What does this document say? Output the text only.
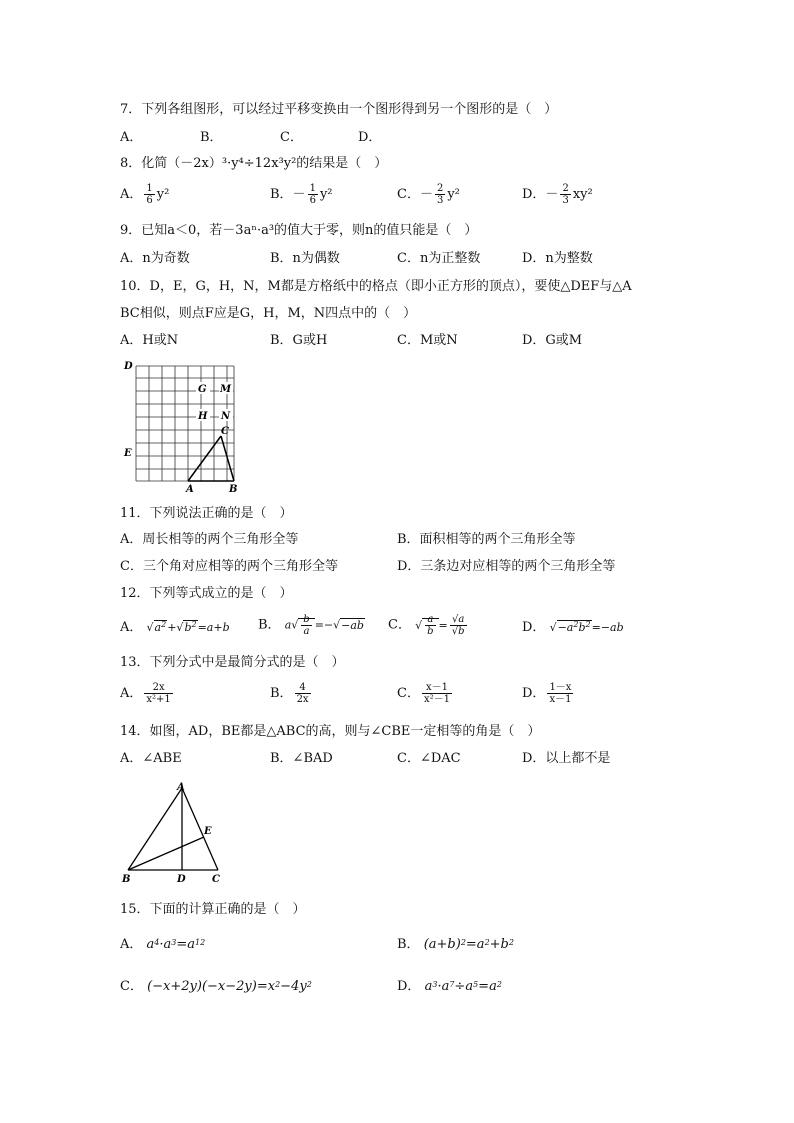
7．下列各组图形，可以经过平移变换由一个图形得到另一个图形的是（　）
A．	B．	C．	D．
8．化简（－2x）³·y⁴÷12x³y²的结果是（　）
A． $\frac{1}{6} y^2$	B．－ $\frac{1}{6} y^2$	C．－ $\frac{2}{3} y^2$	D．－ $\frac{2}{3} xy^2$
9．已知a＜0，若－3aⁿ·a³的值大于零，则n的值只能是（　）
A．n为奇数	B．n为偶数	C．n为正整数	D．n为整数
10．D，E，G，H，N，M都是方格纸中的格点（即小正方形的顶点），要使△DEF与△A
BC相似，则点F应是G，H，M，N四点中的（　）
A．H或N	B．G或H	C．M或N	D．G或M
D
G M
H N
C
E
A	B
11．下列说法正确的是（　）
A．周长相等的两个三角形全等	B．面积相等的两个三角形全等
C．三个角对应相等的两个三角形全等	D．三条边对应相等的两个三角形全等
12．下列等式成立的是（　）
A． $√a^2+√b^2=a+b$ B． $a√ \frac{b}{a} =-√-ab$ C． √ $\frac{a}{b} = \frac{√a}{√b}$	D． $√-a^2b^2=-ab$
13．下列分式中是最简分式的是（　）
A． $\frac{2x}{\text{x²+1}}$	B． $\frac{4}{2x}$	C． $\frac{x-1}{\text{x²－1}}$	D． $\frac{1-x}{x-1}$
14．如图，AD，BE都是△ABC的高，则与∠CBE一定相等的角是（　）
A．∠ABE	B．∠BAD	C．∠DAC	D．以上都不是
A
E
B	D	C
15．下面的计算正确的是（　）
A． $a^4\cdot a^3=a^{12}$	B． $(a+b)^2=a^2+b^2$
C． $(-x+2y)(-x-2y)=x^2-4y^2$	D． $a^3\cdot a^7\div a^5=a^2$
